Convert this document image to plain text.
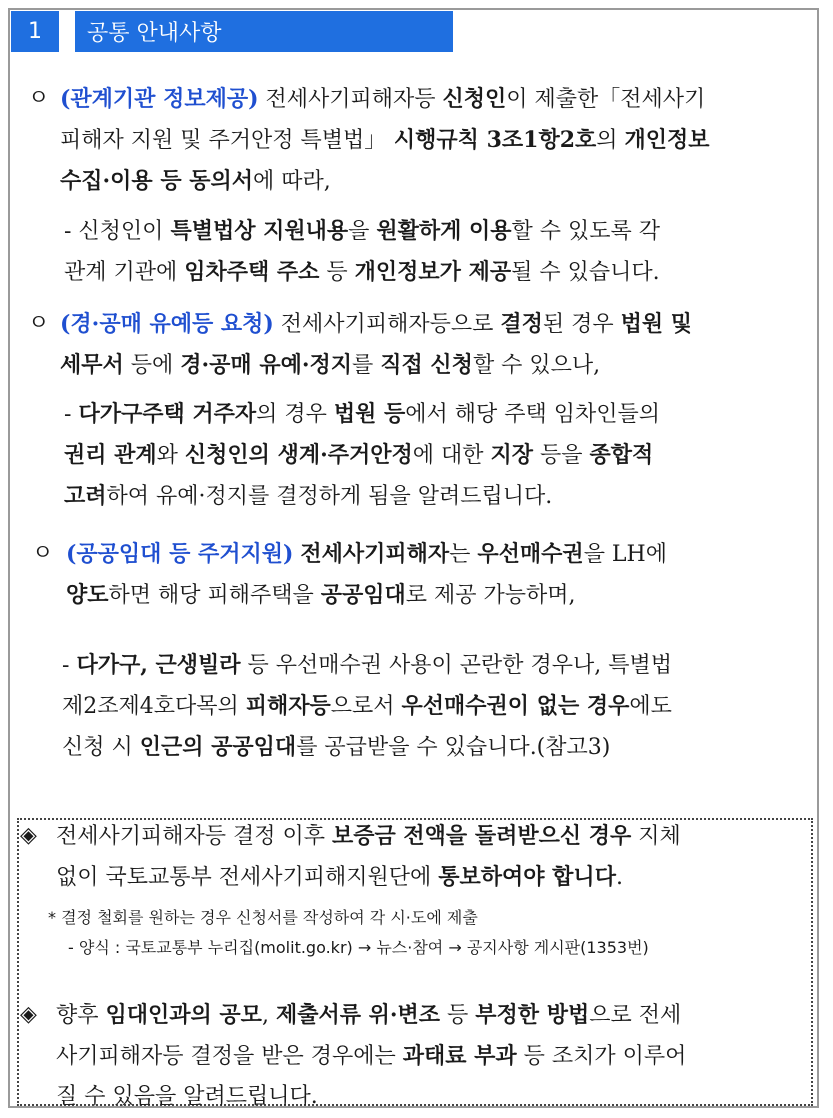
1	공통 안내사항
ㅇ (관계기관 정보제공) 전세사기피해자등 신청인이 제출한「전세사기
피해자 지원 및 주거안정 특별법」 시행규칙 3조1항2호의 개인정보
수집·이용 등 동의서에 따라,
- 신청인이 특별법상 지원내용을 원활하게 이용할 수 있도록 각
관계 기관에 임차주택 주소 등 개인정보가 제공될 수 있습니다.
ㅇ (경·공매 유예등 요청) 전세사기피해자등으로 결정된 경우 법원 및
세무서 등에 경·공매 유예·정지를 직접 신청할 수 있으나,
- 다가구주택 거주자의 경우 법원 등에서 해당 주택 임차인들의
권리 관계와 신청인의 생계·주거안정에 대한 지장 등을 종합적
고려하여 유예·정지를 결정하게 됨을 알려드립니다.
ㅇ (공공임대 등 주거지원) 전세사기피해자는 우선매수권을 LH에
양도하면 해당 피해주택을 공공임대로 제공 가능하며,
- 다가구, 근생빌라 등 우선매수권 사용이 곤란한 경우나, 특별법
제2조제4호다목의 피해자등으로서 우선매수권이 없는 경우에도
신청 시 인근의 공공임대를 공급받을 수 있습니다.(참고3)
◈ 전세사기피해자등 결정 이후 보증금 전액을 돌려받으신 경우 지체
없이 국토교통부 전세사기피해지원단에 통보하여야 합니다.
* 결정 철회를 원하는 경우 신청서를 작성하여 각 시·도에 제출
- 양식 : 국토교통부 누리집(molit.go.kr) → 뉴스·참여 → 공지사항 게시판(1353번)
◈ 향후 임대인과의 공모, 제출서류 위·변조 등 부정한 방법으로 전세
사기피해자등 결정을 받은 경우에는 과태료 부과 등 조치가 이루어
질 수 있음을 알려드립니다.
